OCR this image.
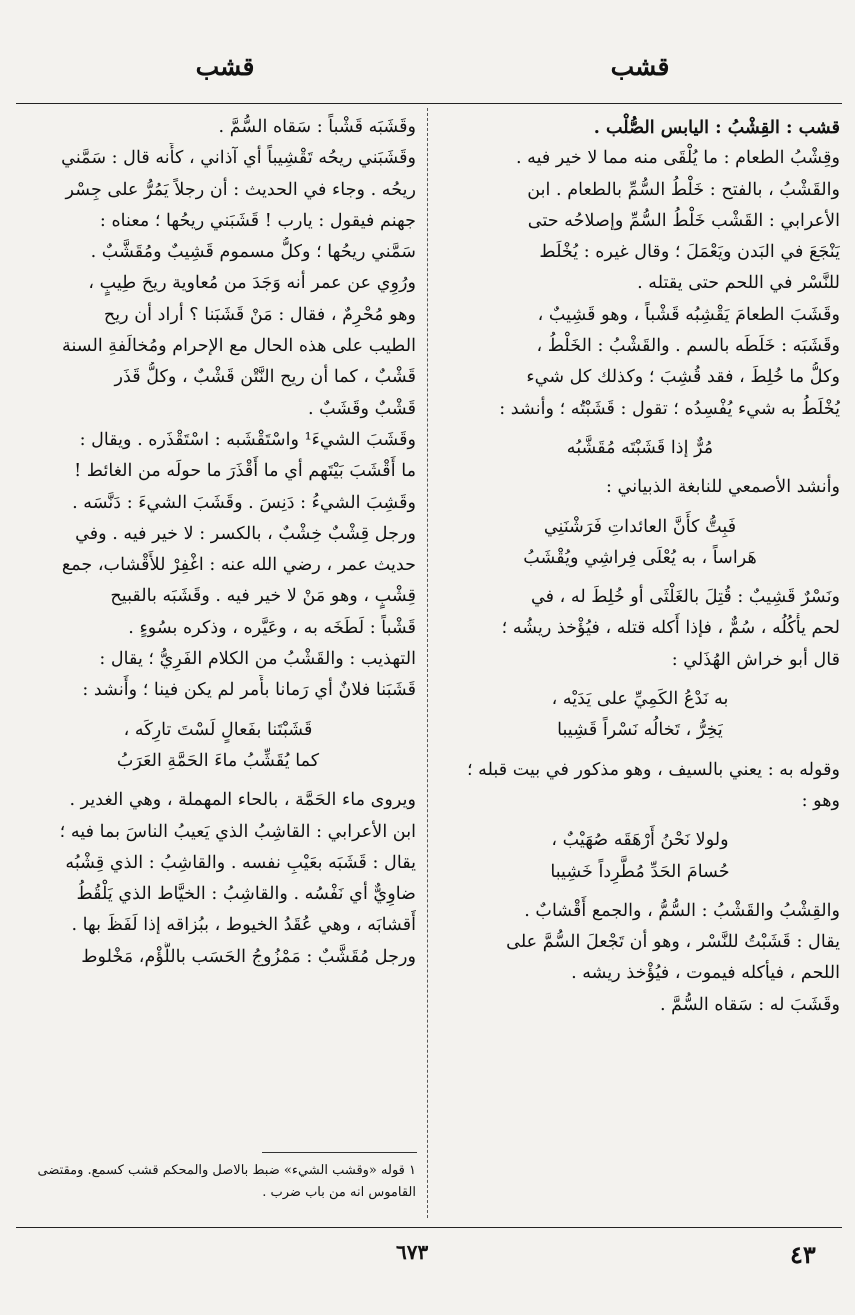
قشب
قشب
قشب : القِشْبُ : اليابس الصُّلْب .
وقِشْبُ الطعام : ما يُلْقَى منه مما لا خير فيه .
والقَشْبُ ، بالفتح : خَلْطُ السُّمِّ بالطعام . ابن
الأعرابي : القَشْب خَلْطُ السُّمِّ وإصلاحُه حتى
يَنْجَعَ في البَدن ويَعْمَلَ ؛ وقال غيره : يُخْلَط
للنَّسْر في اللحم حتى يقتله .
وقَشَبَ الطعامَ يَقْشِبُه قَشْباً ، وهو قَشِيبٌ ،
وقَشَبَه : خَلَطَه بالسم . والقَشْبُ : الخَلْطُ ،
وكلُّ ما خُلِطَ ، فقد قُشِبَ ؛ وكذلك كل شيء
يُخْلَطُ به شيء يُفْسِدُه ؛ تقول : قَشَبْتُه ؛ وأنشد :
مُرٌّ إذا قَشَبْتَه مُقَشَّبُه
وأنشد الأصمعي للنابغة الذبياني :
فَبِتُّ كأَنَّ العائداتِ فَرَشْنَنِي
هَراساً ، به يُعْلَى فِراشِي ويُقْشَبُ
ونَسْرٌ قَشِيبٌ : قُتِلَ بالغَلْثَى أو خُلِطَ له ، في
لحم يأْكُلُه ، سُمٌّ ، فإذا أَكله قتله ، فيُؤْخذ ريشُه ؛
قال أبو خراش الهُذَلي :
به نَدْعُ الكَمِيِّ على يَدَيْه ،
يَخِرُّ ، تَخالُه نَسْراً قَشِيبا
وقوله به : يعني بالسيف ، وهو مذكور في بيت قبله ؛
وهو :
ولولا نَحْنُ أَرْهَقَه صُهَيْبٌ ،
حُسامَ الحَدِّ مُطَّرِداً خَشِيبا
والقِشْبُ والقَشْبُ : السُّمُّ ، والجمع أَقْشابٌ .
يقال : قَشَبْتُ للنَّسْر ، وهو أن تَجْعلَ السُّمَّ على
اللحم ، فيأكله فيموت ، فيُؤْخذ ريشه .
وقَشَبَ له : سَقاه السُّمَّ .
وقَشَبَه قَشْباً : سَقاه السُّمَّ .
وقَشَبَني ريحُه تَقْشِيباً أي آذاني ، كأَنه قال : سَمَّني
ريحُه . وجاء في الحديث : أن رجلاً يَمُرُّ على جِسْر
جهنم فيقول : يارب ! قَشَبَني ريحُها ؛ معناه :
سَمَّني ريحُها ؛ وكلُّ مسموم قَشِيبٌ ومُقَشَّبٌ .
ورُوِي عن عمر أنه وَجَدَ من مُعاوية ريحَ طِيبٍ ،
وهو مُحْرِمٌ ، فقال : مَنْ قَشَبَنا ؟ أراد أن ريح
الطيب على هذه الحال مع الإحرام ومُخالَفةِ السنة
قَشْبٌ ، كما أن ريح النَّتْن قَشْبٌ ، وكلُّ قَذَر
قَشْبٌ وقَشَبٌ .
وقَشَبَ الشيءَ¹ واسْتَقْشَبه : اسْتَقْذَره . ويقال :
ما أَقْشَبَ بَيْتَهم أي ما أَقْذَرَ ما حولَه من الغائط !
وقَشِبَ الشيءُ : دَنِسَ . وقَشَبَ الشيءَ : دَنَّسَه .
ورجل قِشْبٌ خِشْبٌ ، بالكسر : لا خير فيه . وفي
حديث عمر ، رضي الله عنه : اغْفِرْ للأَقْشاب، جمع
قِشْبٍ ، وهو مَنْ لا خير فيه . وقَشَبَه بالقبيح
قَشْباً : لَطَخَه به ، وعَيَّره ، وذكره بسُوءٍ .
التهذيب : والقَشْبُ من الكلام الفَرِيُّ ؛ يقال :
قَشَبَنا فلانٌ أي رَمانا بأَمر لم يكن فينا ؛ وأَنشد :
قَشَبْتَنا بفَعالٍ لَسْتَ تارِكَه ،
كما يُقَشِّبُ ماءَ الحَمَّةِ العَرَبُ
ويروى ماء الحَمَّة ، بالحاء المهملة ، وهي الغدير .
ابن الأعرابي : القاشِبُ الذي يَعيبُ الناسَ بما فيه ؛
يقال : قَشَبَه بعَيْبِ نفسه . والقاشِبُ : الذي قِشْبُه
ضاوِيٌّ أي نَفْسُه . والقاشِبُ : الخيَّاط الذي يَلْقُطُ
أَقشابَه ، وهي عُقَدُ الخيوط ، ببُزاقه إذا لَفَظَ بها .
ورجل مُقَشَّبٌ : مَمْزُوجُ الحَسَب باللُّؤْم، مَخْلوط
١ قوله «وقشب الشيء» ضبط بالاصل والمحكم قشب كسمع. ومقتضى
القاموس انه من باب ضرب .
٦٧٣	٤٣
